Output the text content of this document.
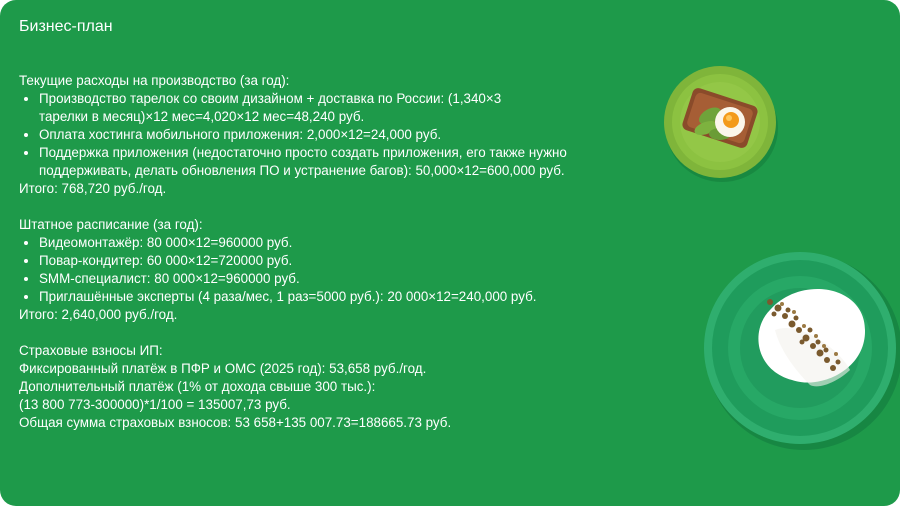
Бизнес-план

Текущие расходы на производство (за год):

• Производство тарелок со своим дизайном + доставка по России: (1,340×3 тарелки в месяц)×12 мес=4,020×12 мес=48,240 руб.
• Оплата хостинга мобильного приложения: 2,000×12=24,000 руб.
• Поддержка приложения (недостаточно просто создать приложения, его также нужно поддерживать, делать обновления ПО и устранение багов): 50,000×12=600,000 руб.

Итого: 768,720 руб./год.

Штатное расписание (за год):

• Видеомонтажёр: 80 000×12=960000 руб.
• Повар-кондитер: 60 000×12=720000 руб.
• SMM-специалист: 80 000×12=960000 руб.
• Приглашённые эксперты (4 раза/мес, 1 раз=5000 руб.): 20 000×12=240,000 руб.

Итого: 2,640,000 руб./год.

Страховые взносы ИП:

Фиксированный платёж в ПФР и ОМС (2025 год): 53,658 руб./год.

Дополнительный платёж (1% от дохода свыше 300 тыс.):

(13 800 773-300000)*1/100 = 135007,73 руб.

Общая сумма страховых взносов: 53 658+135 007.73=188665.73 руб.
